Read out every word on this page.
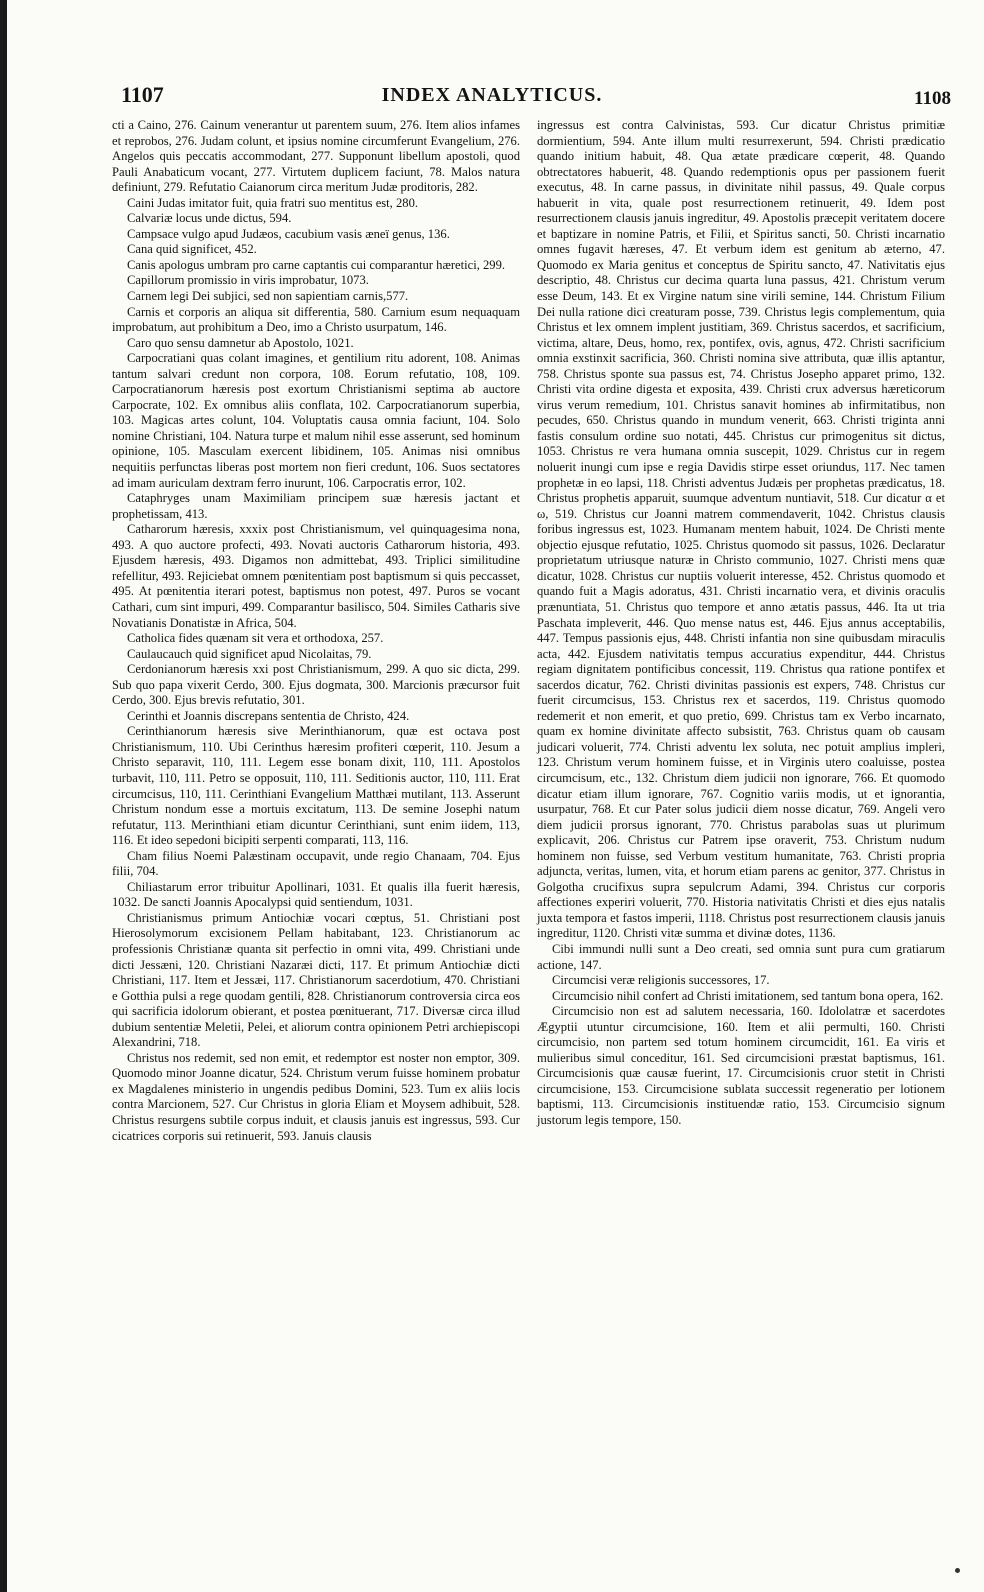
1107	INDEX ANALYTICUS.	1108

cti a Caino, 276. Cainum venerantur ut parentem suum, 276. Item alios infames et reprobos, 276. Judam colunt, et ipsius nomine circumferunt Evangelium, 276. Angelos quis peccatis accommodant, 277. Supponunt libellum apostoli, quod Pauli Anabaticum vocant, 277. Virtutem duplicem faciunt, 78. Malos natura definiunt, 279. Refutatio Caianorum circa meritum Judæ proditoris, 282.

Caini Judas imitator fuit, quia fratri suo mentitus est, 280.

Calvariæ locus unde dictus, 594.

Campsace vulgo apud Judæos, cacubium vasis æneï genus, 136.

Cana quid significet, 452.

Canis apologus umbram pro carne captantis cui comparantur hæretici, 299.

Capillorum promissio in viris improbatur, 1073.

Carnem legi Dei subjici, sed non sapientiam carnis,577.

Carnis et corporis an aliqua sit differentia, 580. Carnium esum nequaquam improbatum, aut prohibitum a Deo, imo a Christo usurpatum, 146.

Caro quo sensu damnetur ab Apostolo, 1021.

Carpocratiani quas colant imagines, et gentilium ritu adorent, 108. Animas tantum salvari credunt non corpora, 108. Eorum refutatio, 108, 109. Carpocratianorum hæresis post exortum Christianismi septima ab auctore Carpocrate, 102. Ex omnibus aliis conflata, 102. Carpocratianorum superbia, 103. Magicas artes colunt, 104. Voluptatis causa omnia faciunt, 104. Solo nomine Christiani, 104. Natura turpe et malum nihil esse asserunt, sed hominum opinione, 105. Masculam exercent libidinem, 105. Animas nisi omnibus nequitiis perfunctas liberas post mortem non fieri credunt, 106. Suos sectatores ad imam auriculam dextram ferro inurunt, 106. Carpocratis error, 102.

Cataphryges unam Maximiliam principem suæ hæresis jactant et prophetissam, 413.

Catharorum hæresis, xxxix post Christianismum, vel quinquagesima nona, 493. A quo auctore profecti, 493. Novati auctoris Catharorum historia, 493. Ejusdem hæresis, 493. Digamos non admittebat, 493. Triplici similitudine refellitur, 493. Rejiciebat omnem pœnitentiam post baptismum si quis peccasset, 495. At pœnitentia iterari potest, baptismus non potest, 497. Puros se vocant Cathari, cum sint impuri, 499. Comparantur basilisco, 504. Similes Catharis sive Novatianis Donatistæ in Africa, 504.

Catholica fides quænam sit vera et orthodoxa, 257.

Caulaucauch quid significet apud Nicolaitas, 79.

Cerdonianorum hæresis xxi post Christianismum, 299. A quo sic dicta, 299. Sub quo papa vixerit Cerdo, 300. Ejus dogmata, 300. Marcionis præcursor fuit Cerdo, 300. Ejus brevis refutatio, 301.

Cerinthi et Joannis discrepans sententia de Christo, 424.

Cerinthianorum hæresis sive Merinthianorum, quæ est octava post Christianismum, 110. Ubi Cerinthus hæresim profiteri cœperit, 110. Jesum a Christo separavit, 110, 111. Legem esse bonam dixit, 110, 111. Apostolos turbavit, 110, 111. Petro se opposuit, 110, 111. Seditionis auctor, 110, 111. Erat circumcisus, 110, 111. Cerinthiani Evangelium Matthæi mutilant, 113. Asserunt Christum nondum esse a mortuis excitatum, 113. De semine Josephi natum refutatur, 113. Merinthiani etiam dicuntur Cerinthiani, sunt enim iidem, 113, 116. Et ideo sepedoni bicipiti serpenti comparati, 113, 116.

Cham filius Noemi Palæstinam occupavit, unde regio Chanaam, 704. Ejus filii, 704.

Chiliastarum error tribuitur Apollinari, 1031. Et qualis illa fuerit hæresis, 1032. De sancti Joannis Apocalypsi quid sentiendum, 1031.

Christianismus primum Antiochiæ vocari cœptus, 51. Christiani post Hierosolymorum excisionem Pellam habitabant, 123. Christianorum ac professionis Christianæ quanta sit perfectio in omni vita, 499. Christiani unde dicti Jessæni, 120. Christiani Nazaræi dicti, 117. Et primum Antiochiæ dicti Christiani, 117. Item et Jessæi, 117. Christianorum sacerdotium, 470. Christiani e Gotthia pulsi a rege quodam gentili, 828. Christianorum controversia circa eos qui sacrificia idolorum obierant, et postea pœnituerant, 717. Diversæ circa illud dubium sententiæ Meletii, Pelei, et aliorum contra opinionem Petri archiepiscopi Alexandrini, 718.

Christus nos redemit, sed non emit, et redemptor est noster non emptor, 309. Quomodo minor Joanne dicatur, 524. Christum verum fuisse hominem probatur ex Magdalenes ministerio in ungendis pedibus Domini, 523. Tum ex aliis locis contra Marcionem, 527. Cur Christus in gloria Eliam et Moysem adhibuit, 528. Christus resurgens subtile corpus induit, et clausis januis est ingressus, 593. Cur cicatrices corporis sui retinuerit, 593. Januis clausis

ingressus est contra Calvinistas, 593. Cur dicatur Christus primitiæ dormientium, 594. Ante illum multi resurrexerunt, 594. Christi prædicatio quando initium habuit, 48. Qua ætate prædicare cœperit, 48. Quando obtrectatores habuerit, 48. Quando redemptionis opus per passionem fuerit executus, 48. In carne passus, in divinitate nihil passus, 49. Quale corpus habuerit in vita, quale post resurrectionem retinuerit, 49. Idem post resurrectionem clausis januis ingreditur, 49. Apostolis præcepit veritatem docere et baptizare in nomine Patris, et Filii, et Spiritus sancti, 50. Christi incarnatio omnes fugavit hæreses, 47. Et verbum idem est genitum ab æterno, 47. Quomodo ex Maria genitus et conceptus de Spiritu sancto, 47. Nativitatis ejus descriptio, 48. Christus cur decima quarta luna passus, 421. Christum verum esse Deum, 143. Et ex Virgine natum sine virili semine, 144. Christum Filium Dei nulla ratione dici creaturam posse, 739. Christus legis complementum, quia Christus et lex omnem implent justitiam, 369. Christus sacerdos, et sacrificium, victima, altare, Deus, homo, rex, pontifex, ovis, agnus, 472. Christi sacrificium omnia exstinxit sacrificia, 360. Christi nomina sive attributa, quæ illis aptantur, 758. Christus sponte sua passus est, 74. Christus Josepho apparet primo, 132. Christi vita ordine digesta et exposita, 439. Christi crux adversus hæreticorum virus verum remedium, 101. Christus sanavit homines ab infirmitatibus, non pecudes, 650. Christus quando in mundum venerit, 663. Christi triginta anni fastis consulum ordine suo notati, 445. Christus cur primogenitus sit dictus, 1053. Christus re vera humana omnia suscepit, 1029. Christus cur in regem noluerit inungi cum ipse e regia Davidis stirpe esset oriundus, 117. Nec tamen prophetæ in eo lapsi, 118. Christi adventus Judæis per prophetas prædicatus, 18. Christus prophetis apparuit, suumque adventum nuntiavit, 518. Cur dicatur α et ω, 519. Christus cur Joanni matrem commendaverit, 1042. Christus clausis foribus ingressus est, 1023. Humanam mentem habuit, 1024. De Christi mente objectio ejusque refutatio, 1025. Christus quomodo sit passus, 1026. Declaratur proprietatum utriusque naturæ in Christo communio, 1027. Christi mens quæ dicatur, 1028. Christus cur nuptiis voluerit interesse, 452. Christus quomodo et quando fuit a Magis adoratus, 431. Christi incarnatio vera, et divinis oraculis prænuntiata, 51. Christus quo tempore et anno ætatis passus, 446. Ita ut tria Paschata impleverit, 446. Quo mense natus est, 446. Ejus annus acceptabilis, 447. Tempus passionis ejus, 448. Christi infantia non sine quibusdam miraculis acta, 442. Ejusdem nativitatis tempus accuratius expenditur, 444. Christus regiam dignitatem pontificibus concessit, 119. Christus qua ratione pontifex et sacerdos dicatur, 762. Christi divinitas passionis est expers, 748. Christus cur fuerit circumcisus, 153. Christus rex et sacerdos, 119. Christus quomodo redemerit et non emerit, et quo pretio, 699. Christus tam ex Verbo incarnato, quam ex homine divinitate affecto subsistit, 763. Christus quam ob causam judicari voluerit, 774. Christi adventu lex soluta, nec potuit amplius impleri, 123. Christum verum hominem fuisse, et in Virginis utero coaluisse, postea circumcisum, etc., 132. Christum diem judicii non ignorare, 766. Et quomodo dicatur etiam illum ignorare, 767. Cognitio variis modis, ut et ignorantia, usurpatur, 768. Et cur Pater solus judicii diem nosse dicatur, 769. Angeli vero diem judicii prorsus ignorant, 770. Christus parabolas suas ut plurimum explicavit, 206. Christus cur Patrem ipse oraverit, 753. Christum nudum hominem non fuisse, sed Verbum vestitum humanitate, 763. Christi propria adjuncta, veritas, lumen, vita, et horum etiam parens ac genitor, 377. Christus in Golgotha crucifixus supra sepulcrum Adami, 394. Christus cur corporis affectiones experiri voluerit, 770. Historia nativitatis Christi et dies ejus natalis juxta tempora et fastos imperii, 1118. Christus post resurrectionem clausis januis ingreditur, 1120. Christi vitæ summa et divinæ dotes, 1136.

Cibi immundi nulli sunt a Deo creati, sed omnia sunt pura cum gratiarum actione, 147.

Circumcisi veræ religionis successores, 17.

Circumcisio nihil confert ad Christi imitationem, sed tantum bona opera, 162.

Circumcisio non est ad salutem necessaria, 160. Idololatræ et sacerdotes Ægyptii utuntur circumcisione, 160. Item et alii permulti, 160. Christi circumcisio, non partem sed totum hominem circumcidit, 161. Ea viris et mulieribus simul conceditur, 161. Sed circumcisioni præstat baptismus, 161. Circumcisionis quæ causæ fuerint, 17. Circumcisionis cruor stetit in Christi circumcisione, 153. Circumcisione sublata successit regeneratio per lotionem baptismi, 113. Circumcisionis instituendæ ratio, 153. Circumcisio signum justorum legis tempore, 150.
